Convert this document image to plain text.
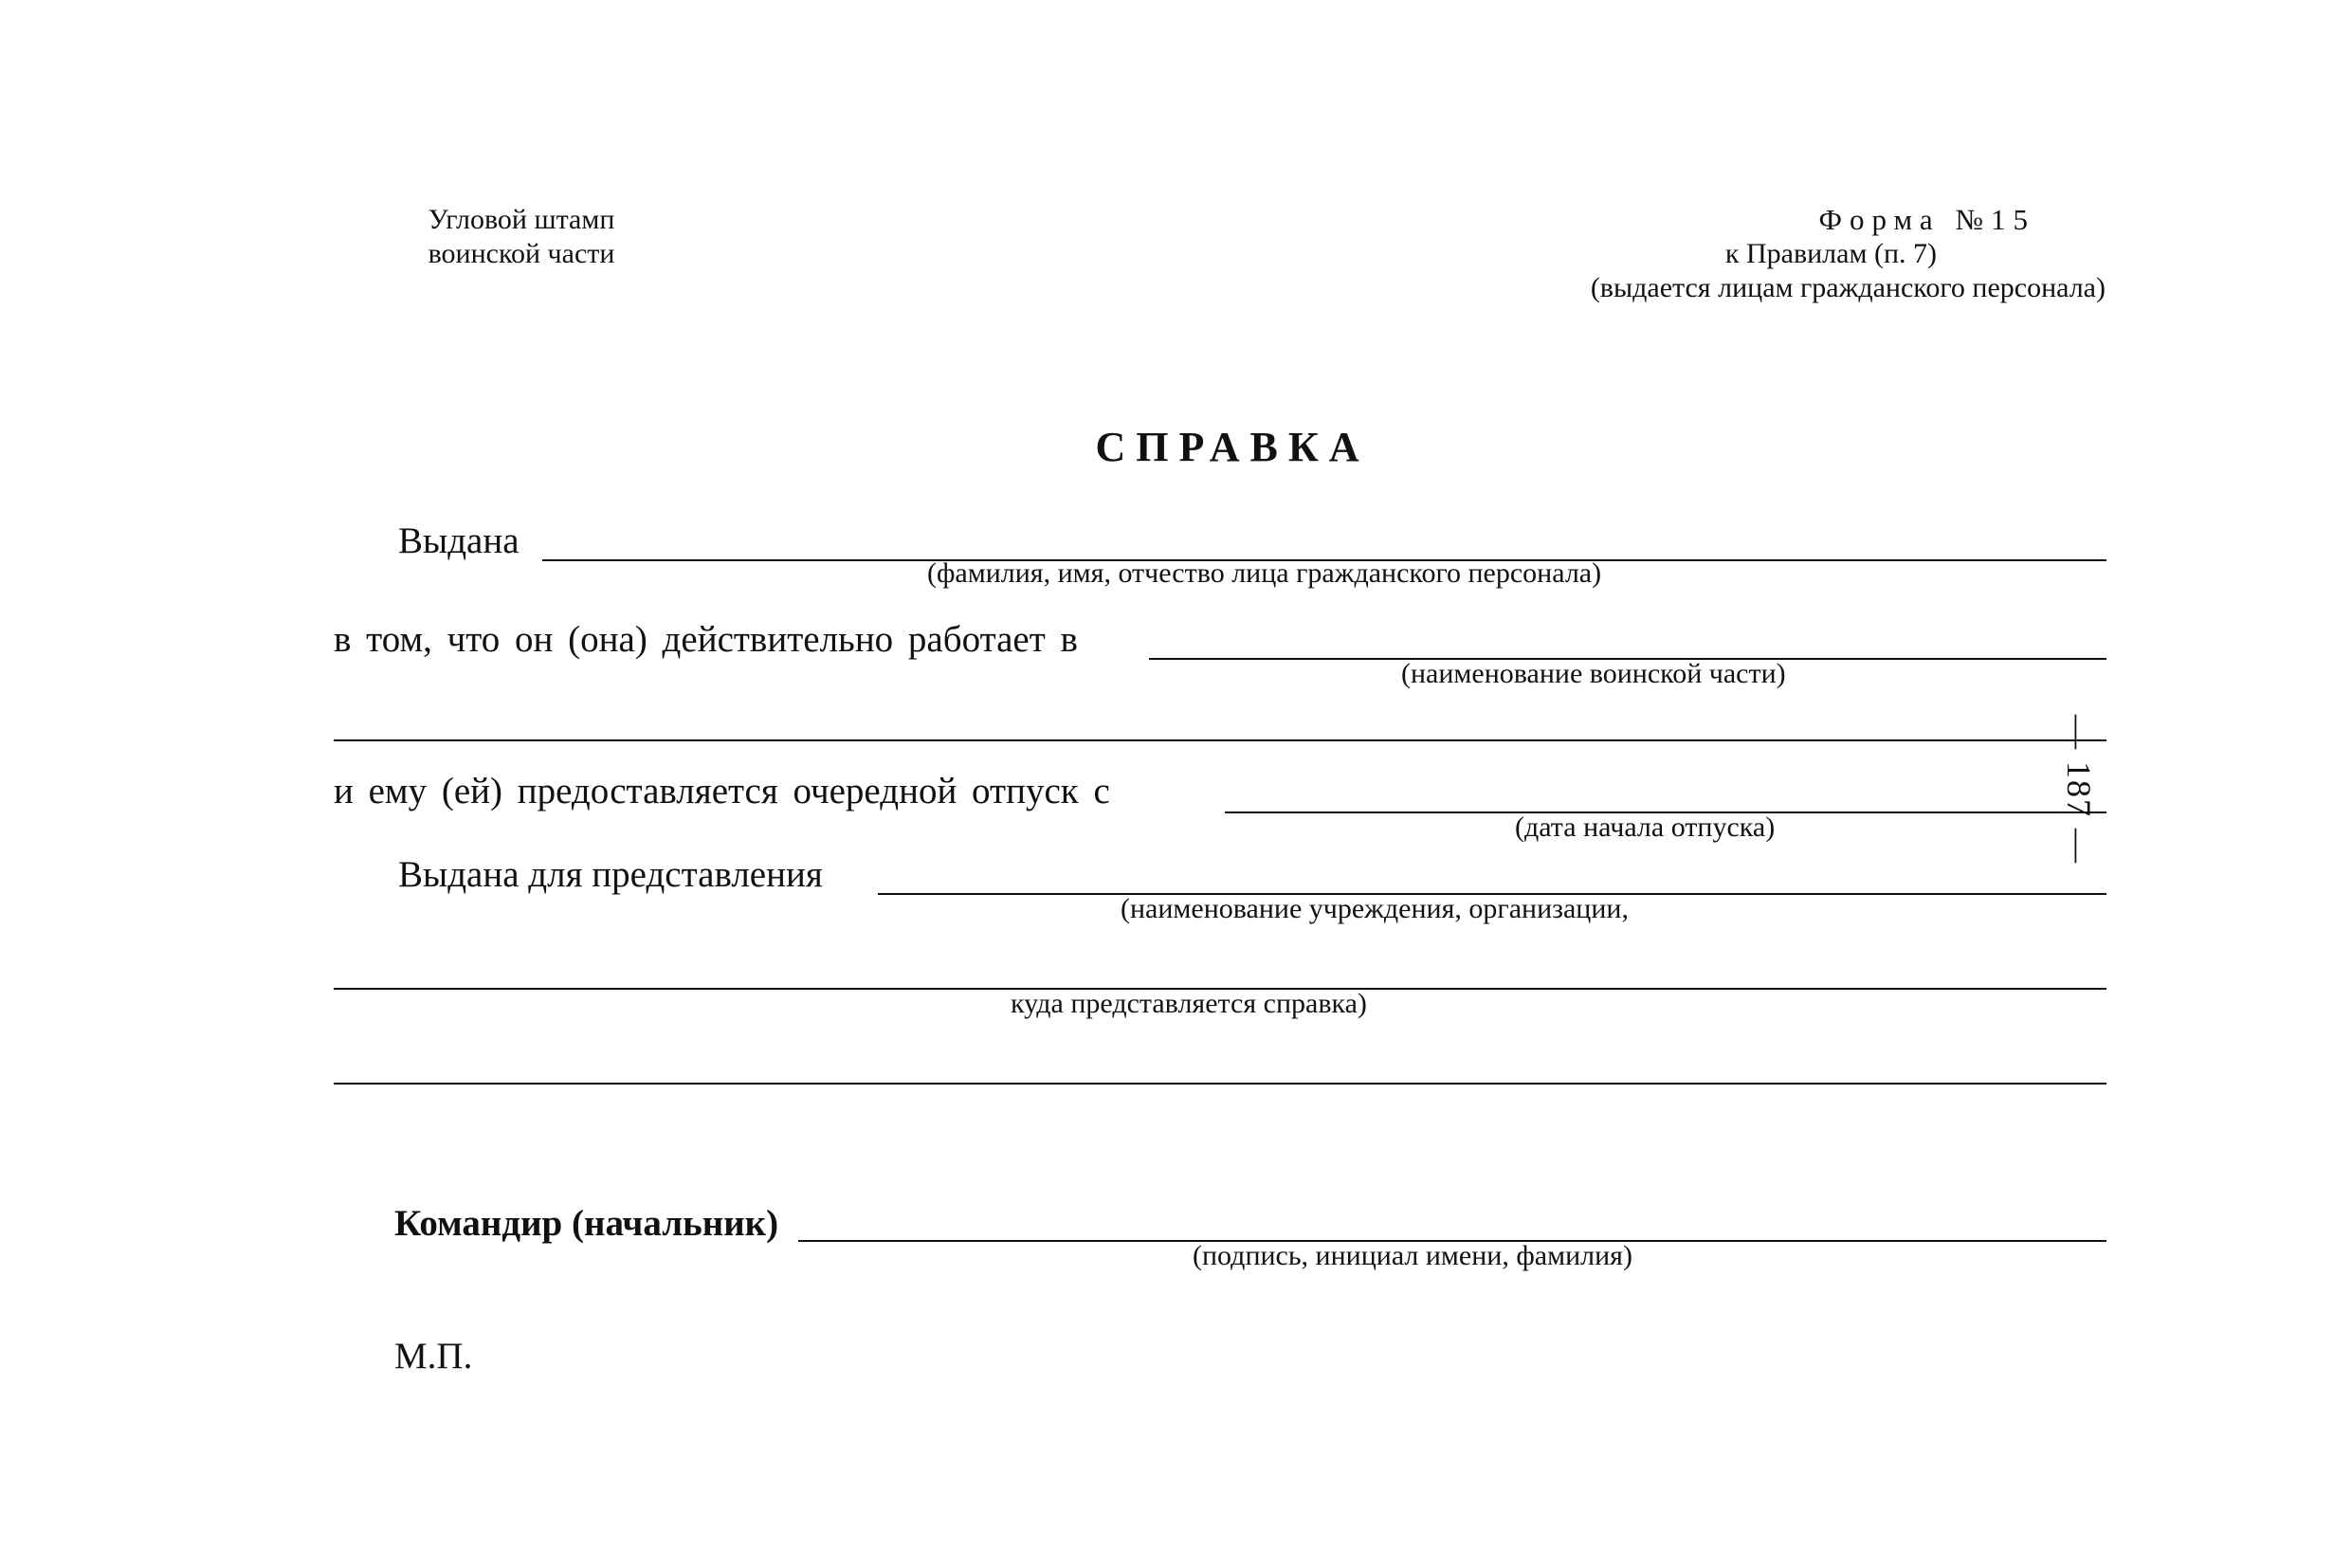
Угловой штамп
воинской части
Форма №15
к Правилам (п. 7)
(выдается лицам гражданского персонала)
СПРАВКА
Выдана
(фамилия, имя, отчество лица гражданского персонала)
в том, что он (она) действительно работает в
(наименование воинской части)
и ему (ей) предоставляется очередной отпуск с
(дата начала отпуска)
Выдана для представления
(наименование учреждения, организации,
куда представляется справка)
Командир (начальник)
(подпись, инициал имени, фамилия)
М.П.
— 187 —
